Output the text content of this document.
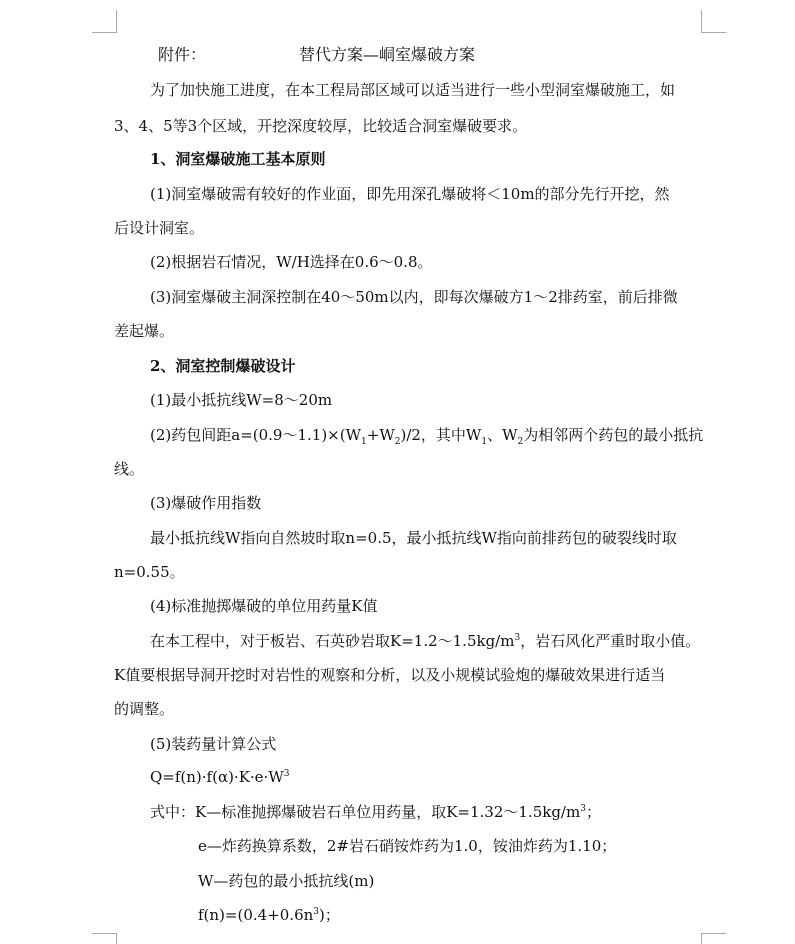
附件：	替代方案—峒室爆破方案
为了加快施工进度，在本工程局部区域可以适当进行一些小型洞室爆破施工，如
3、4、5等3个区域，开挖深度较厚，比较适合洞室爆破要求。
1、洞室爆破施工基本原则
(1)洞室爆破需有较好的作业面，即先用深孔爆破将＜10m的部分先行开挖，然
后设计洞室。
(2)根据岩石情况，W/H选择在0.6～0.8。
(3)洞室爆破主洞深控制在40～50m以内，即每次爆破方1～2排药室，前后排微
差起爆。
2、洞室控制爆破设计
(1)最小抵抗线W=8～20m
(2)药包间距$a=(0.9\sim 1.1)\times(W_1+W_2)/2$，其中$W_1$、$W_2$为相邻两个药包的最小抵抗
线。
(3)爆破作用指数
最小抵抗线W指向自然坡时取n=0.5，最小抵抗线W指向前排药包的破裂线时取
n=0.55。
(4)标准抛掷爆破的单位用药量K值
在本工程中，对于板岩、石英砂岩取$K=1.2\sim 1.5kg/m^3$，岩石风化严重时取小值。
K值要根据导洞开挖时对岩性的观察和分析，以及小规模试验炮的爆破效果进行适当
的调整。
(5)装药量计算公式
$Q=f(n)\cdot f(\alpha)\cdot K\cdot e\cdot W^3$
式中：K—标准抛掷爆破岩石单位用药量，取$K=1.32\sim 1.5kg/m^3$；
e—炸药换算系数，2#岩石硝铵炸药为1.0，铵油炸药为1.10；
W—药包的最小抵抗线(m)
$f(n)=(0.4+0.6n^3)$；
